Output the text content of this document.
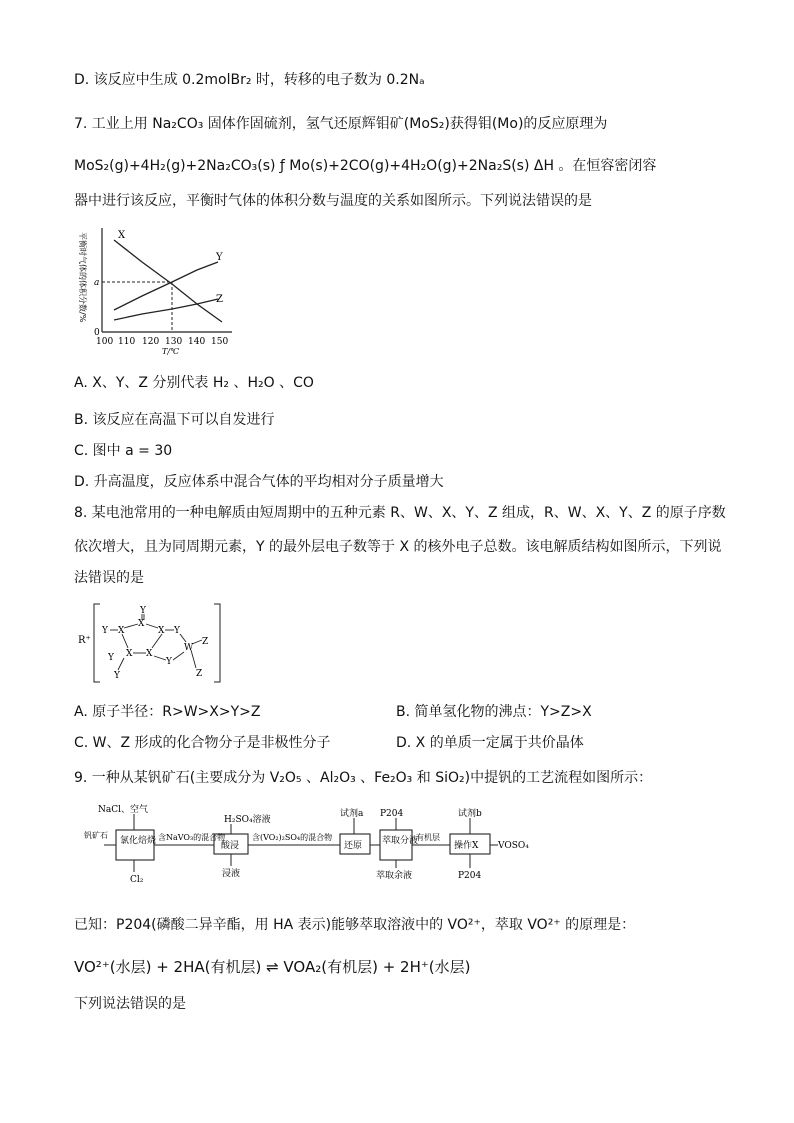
D. 该反应中生成 0.2molBr₂ 时，转移的电子数为 0.2Nₐ
7. 工业上用 Na₂CO₃ 固体作固硫剂，氢气还原辉钼矿(MoS₂)获得钼(Mo)的反应原理为
MoS₂(g)+4H₂(g)+2Na₂CO₃(s) ƒ Mo(s)+2CO(g)+4H₂O(g)+2Na₂S(s) ΔH 。在恒容密闭容
器中进行该反应，平衡时气体的体积分数与温度的关系如图所示。下列说法错误的是
平衡时气体的体积分数/%	X
Y
Z
a
0
100 110 120 130 140 150
T/℃
A. X、Y、Z 分别代表 H₂ 、H₂O 、CO
B. 该反应在高温下可以自发进行
C. 图中 a = 30
D. 升高温度，反应体系中混合气体的平均相对分子质量增大
8. 某电池常用的一种电解质由短周期中的五种元素 R、W、X、Y、Z 组成，R、W、X、Y、Z 的原子序数
依次增大，且为同周期元素，Y 的最外层电子数等于 X 的核外电子总数。该电解质结构如图所示，下列说
法错误的是
R⁺
Y
Y X
X
X Y
X X
Y
W
Y
Y
Z
Z
A. 原子半径：R>W>X>Y>Z	B. 简单氢化物的沸点：Y>Z>X
C. W、Z 形成的化合物分子是非极性分子	D. X 的单质一定属于共价晶体
9. 一种从某钒矿石(主要成分为 V₂O₅ 、Al₂O₃ 、Fe₂O₃ 和 SiO₂)中提钒的工艺流程如图所示：
NaCl、空气
H₂SO₄溶液
试剂a P204	试剂b
钒矿石
氯化焙烧	酸浸	还原 萃取分液	操作X
含NaVO₃的混合物	含(VO₂)₂SO₄的混合物	有机层
VOSO₄
Cl₂
浸液	萃取余液	P204
已知：P204(磷酸二异辛酯，用 HA 表示)能够萃取溶液中的 VO²⁺，萃取 VO²⁺ 的原理是：
VO²⁺(水层) + 2HA(有机层) ⇌ VOA₂(有机层) + 2H⁺(水层)
下列说法错误的是
